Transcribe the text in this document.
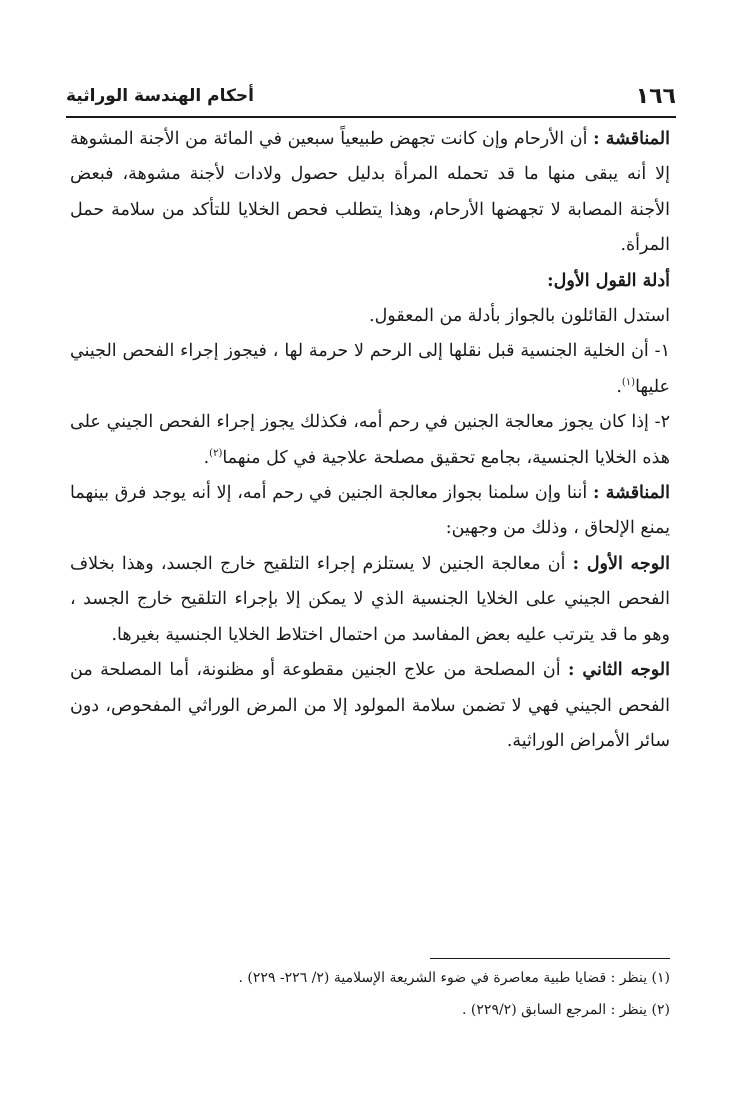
١٦٦
أحكام الهندسة الوراثية

المناقشة : أن الأرحام وإن كانت تجهض طبيعياً سبعين في المائة من الأجنة المشوهة إلا أنه يبقى منها ما قد تحمله المرأة بدليل حصول ولادات لأجنة مشوهة، فبعض الأجنة المصابة لا تجهضها الأرحام، وهذا يتطلب فحص الخلايا للتأكد من سلامة حمل المرأة.

أدلة القول الأول:

استدل القائلون بالجواز بأدلة من المعقول.

١- أن الخلية الجنسية قبل نقلها إلى الرحم لا حرمة لها ، فيجوز إجراء الفحص الجيني عليها$^{(١)}$.

٢- إذا كان يجوز معالجة الجنين في رحم أمه، فكذلك يجوز إجراء الفحص الجيني على هذه الخلايا الجنسية، بجامع تحقيق مصلحة علاجية في كل منهما$^{(٢)}$.

المناقشة : أننا وإن سلمنا بجواز معالجة الجنين في رحم أمه، إلا أنه يوجد فرق بينهما يمنع الإلحاق ، وذلك من وجهين:

الوجه الأول : أن معالجة الجنين لا يستلزم إجراء التلقيح خارج الجسد، وهذا بخلاف الفحص الجيني على الخلايا الجنسية الذي لا يمكن إلا بإجراء التلقيح خارج الجسد ، وهو ما قد يترتب عليه بعض المفاسد من احتمال اختلاط الخلايا الجنسية بغيرها.

الوجه الثاني : أن المصلحة من علاج الجنين مقطوعة أو مظنونة، أما المصلحة من الفحص الجيني فهي لا تضمن سلامة المولود إلا من المرض الوراثي المفحوص، دون سائر الأمراض الوراثية.

(١) ينظر : قضايا طبية معاصرة في ضوء الشريعة الإسلامية (٢/ ٢٢٦- ٢٢٩) .

(٢) ينظر : المرجع السابق (٢٢٩/٢) .
